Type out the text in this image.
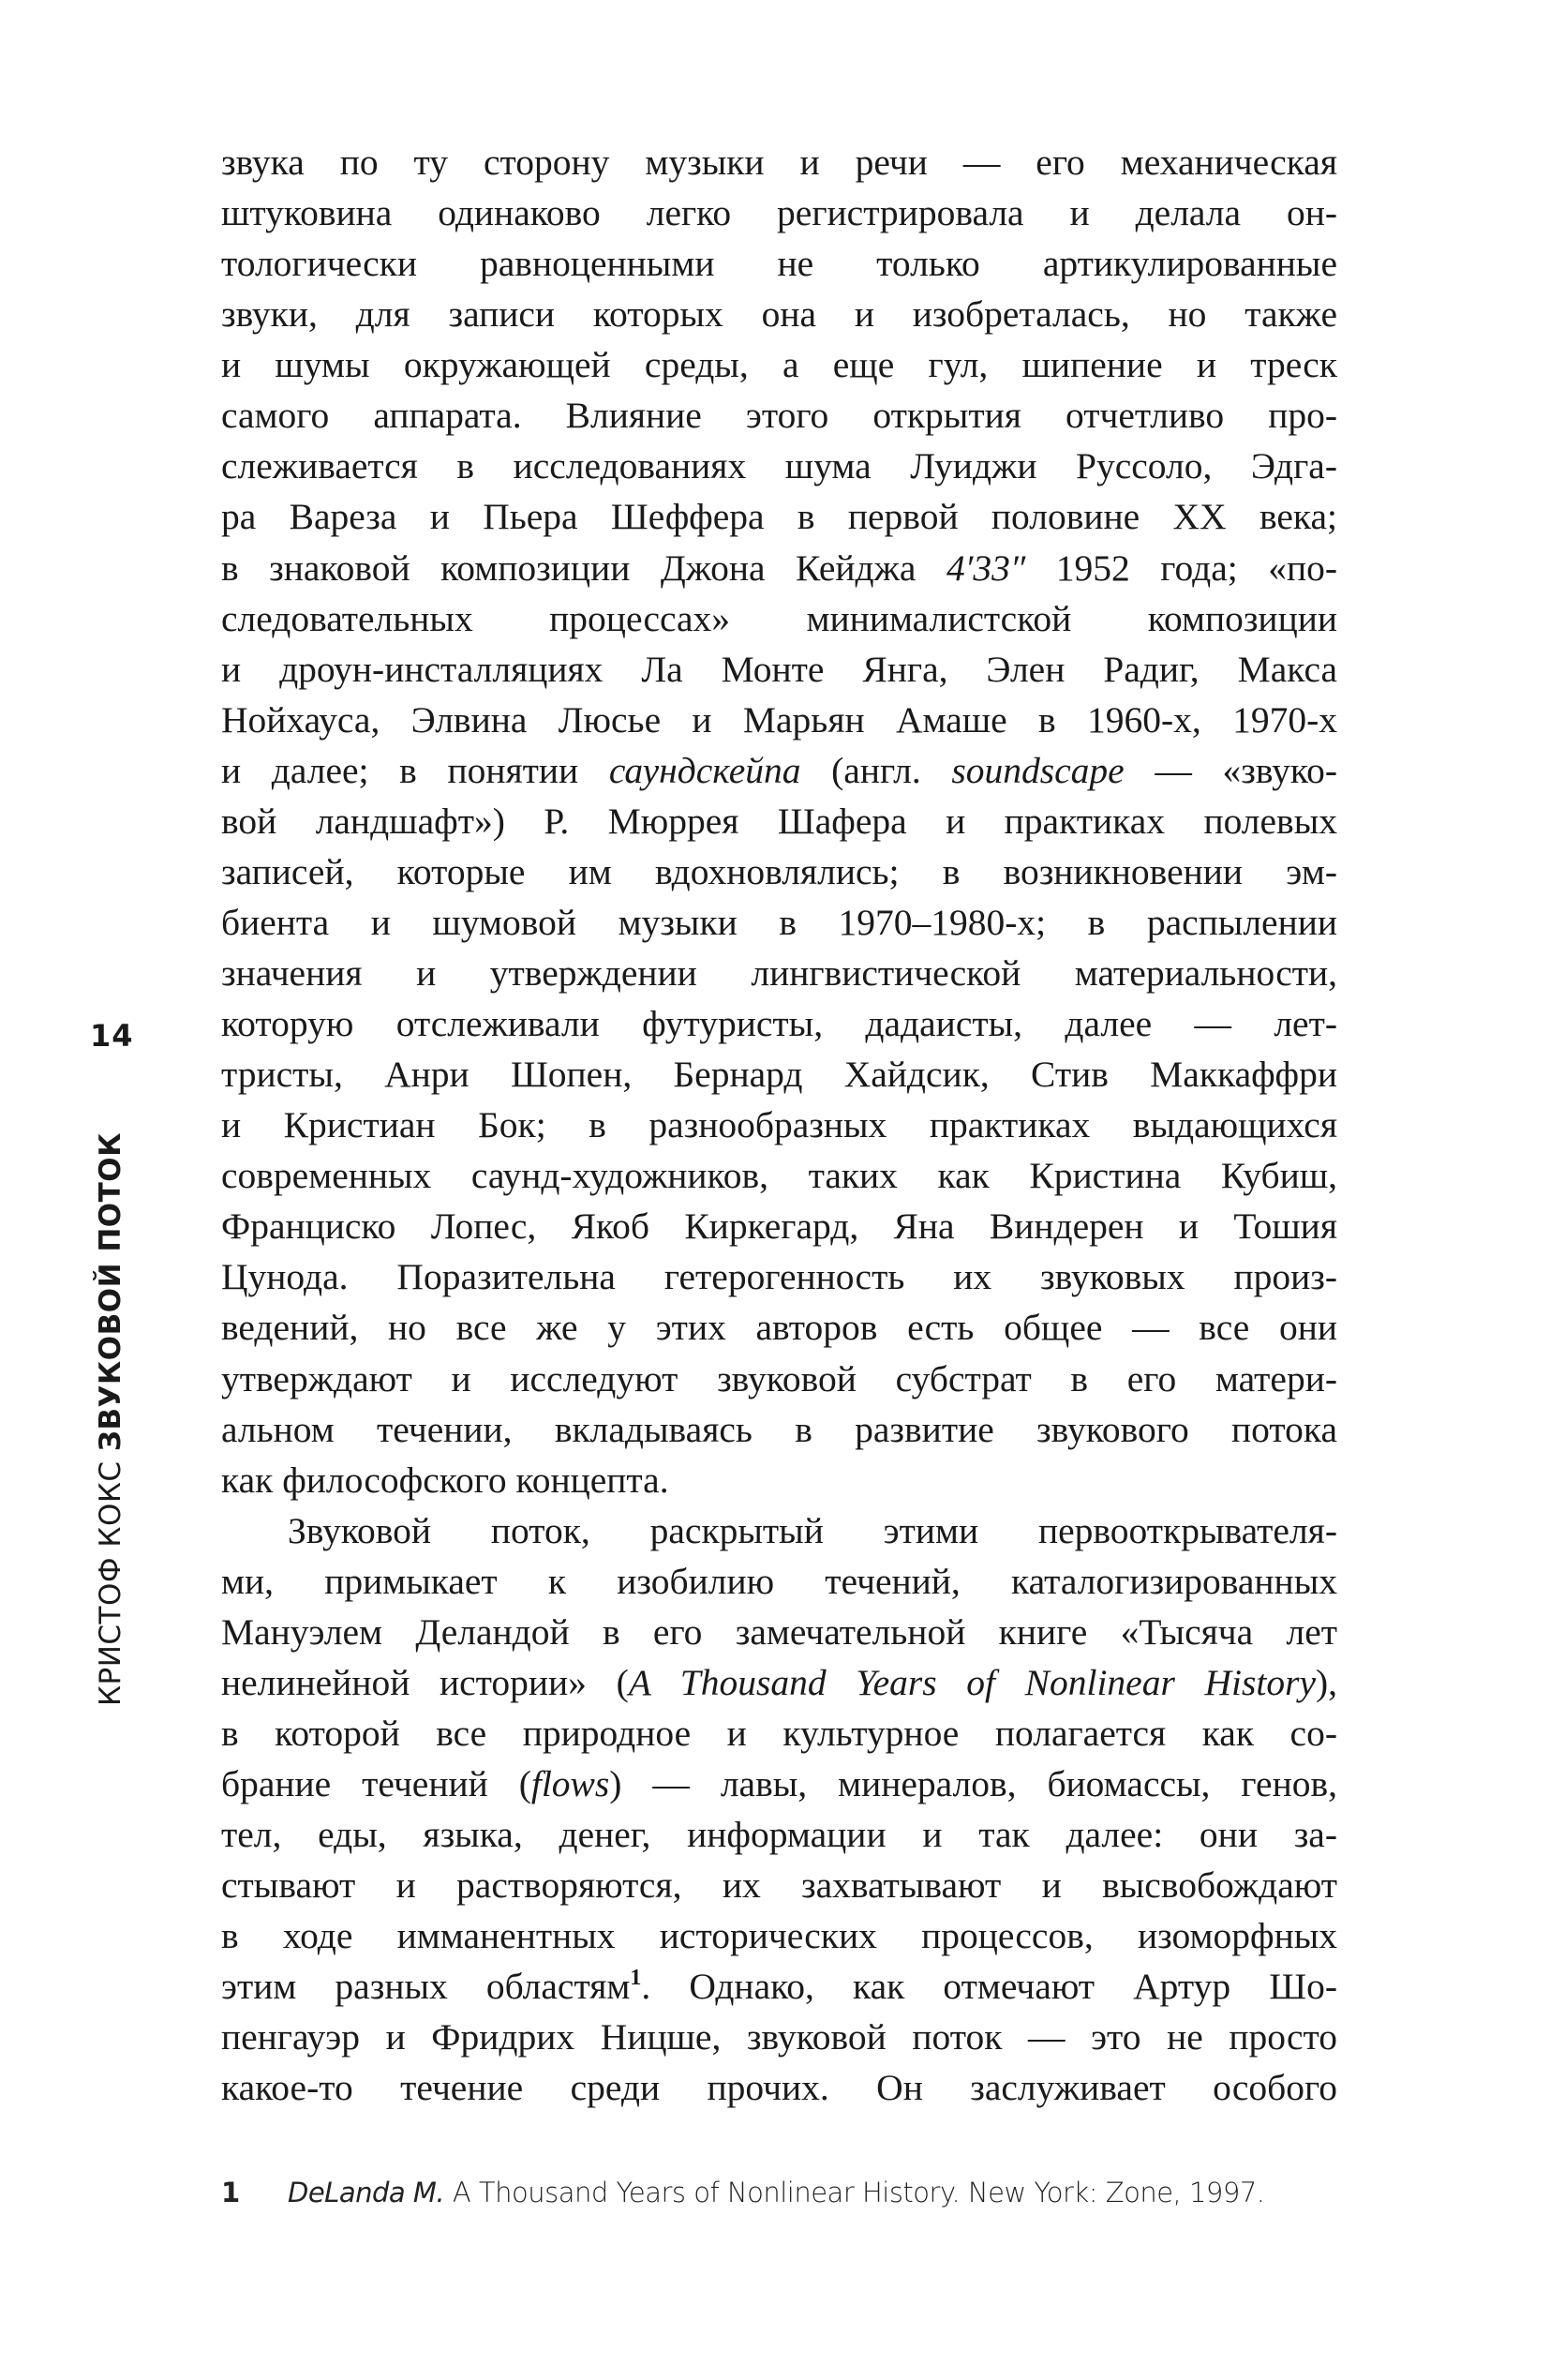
14
КРИСТОФ КОКС ЗВУКОВОЙ ПОТОК
звука по ту сторону музыки и речи — его механическая
штуковина одинаково легко регистрировала и делала он-
тологически равноценными не только артикулированные
звуки, для записи которых она и изобреталась, но также
и шумы окружающей среды, а еще гул, шипение и треск
самого аппарата. Влияние этого открытия отчетливо про-
слеживается в исследованиях шума Луиджи Руссоло, Эдга-
ра Вареза и Пьера Шеффера в первой половине XX века;
в знаковой композиции Джона Кейджа 4′33″ 1952 года; «по-
следовательных процессах» минималистской композиции
и дроун-инсталляциях Ла Монте Янга, Элен Радиг, Макса
Нойхауса, Элвина Люсье и Марьян Амаше в 1960-х, 1970-х
и далее; в понятии саундскейпа (англ. soundscape — «звуко-
вой ландшафт») Р. Мюррея Шафера и практиках полевых
записей, которые им вдохновлялись; в возникновении эм-
биента и шумовой музыки в 1970–1980-х; в распылении
значения и утверждении лингвистической материальности,
которую отслеживали футуристы, дадаисты, далее — лет-
тристы, Анри Шопен, Бернард Хайдсик, Стив Маккаффри
и Кристиан Бок; в разнообразных практиках выдающихся
современных саунд-художников, таких как Кристина Кубиш,
Франциско Лопес, Якоб Киркегард, Яна Виндерен и Тошия
Цунода. Поразительна гетерогенность их звуковых произ-
ведений, но все же у этих авторов есть общее — все они
утверждают и исследуют звуковой субстрат в его матери-
альном течении, вкладываясь в развитие звукового потока
как философского концепта.
Звуковой поток, раскрытый этими первооткрывателя-
ми, примыкает к изобилию течений, каталогизированных
Мануэлем Деландой в его замечательной книге «Тысяча лет
нелинейной истории» (A Thousand Years of Nonlinear History),
в которой все природное и культурное полагается как со-
брание течений (flows) — лавы, минералов, биомассы, генов,
тел, еды, языка, денег, информации и так далее: они за-
стывают и растворяются, их захватывают и высвобождают
в ходе имманентных исторических процессов, изоморфных
этим разных областям$^1$. Однако, как отмечают Артур Шо-
пенгауэр и Фридрих Ницше, звуковой поток — это не просто
какое-то течение среди прочих. Он заслуживает особого
1 DeLanda M. A Thousand Years of Nonlinear History. New York: Zone, 1997.
